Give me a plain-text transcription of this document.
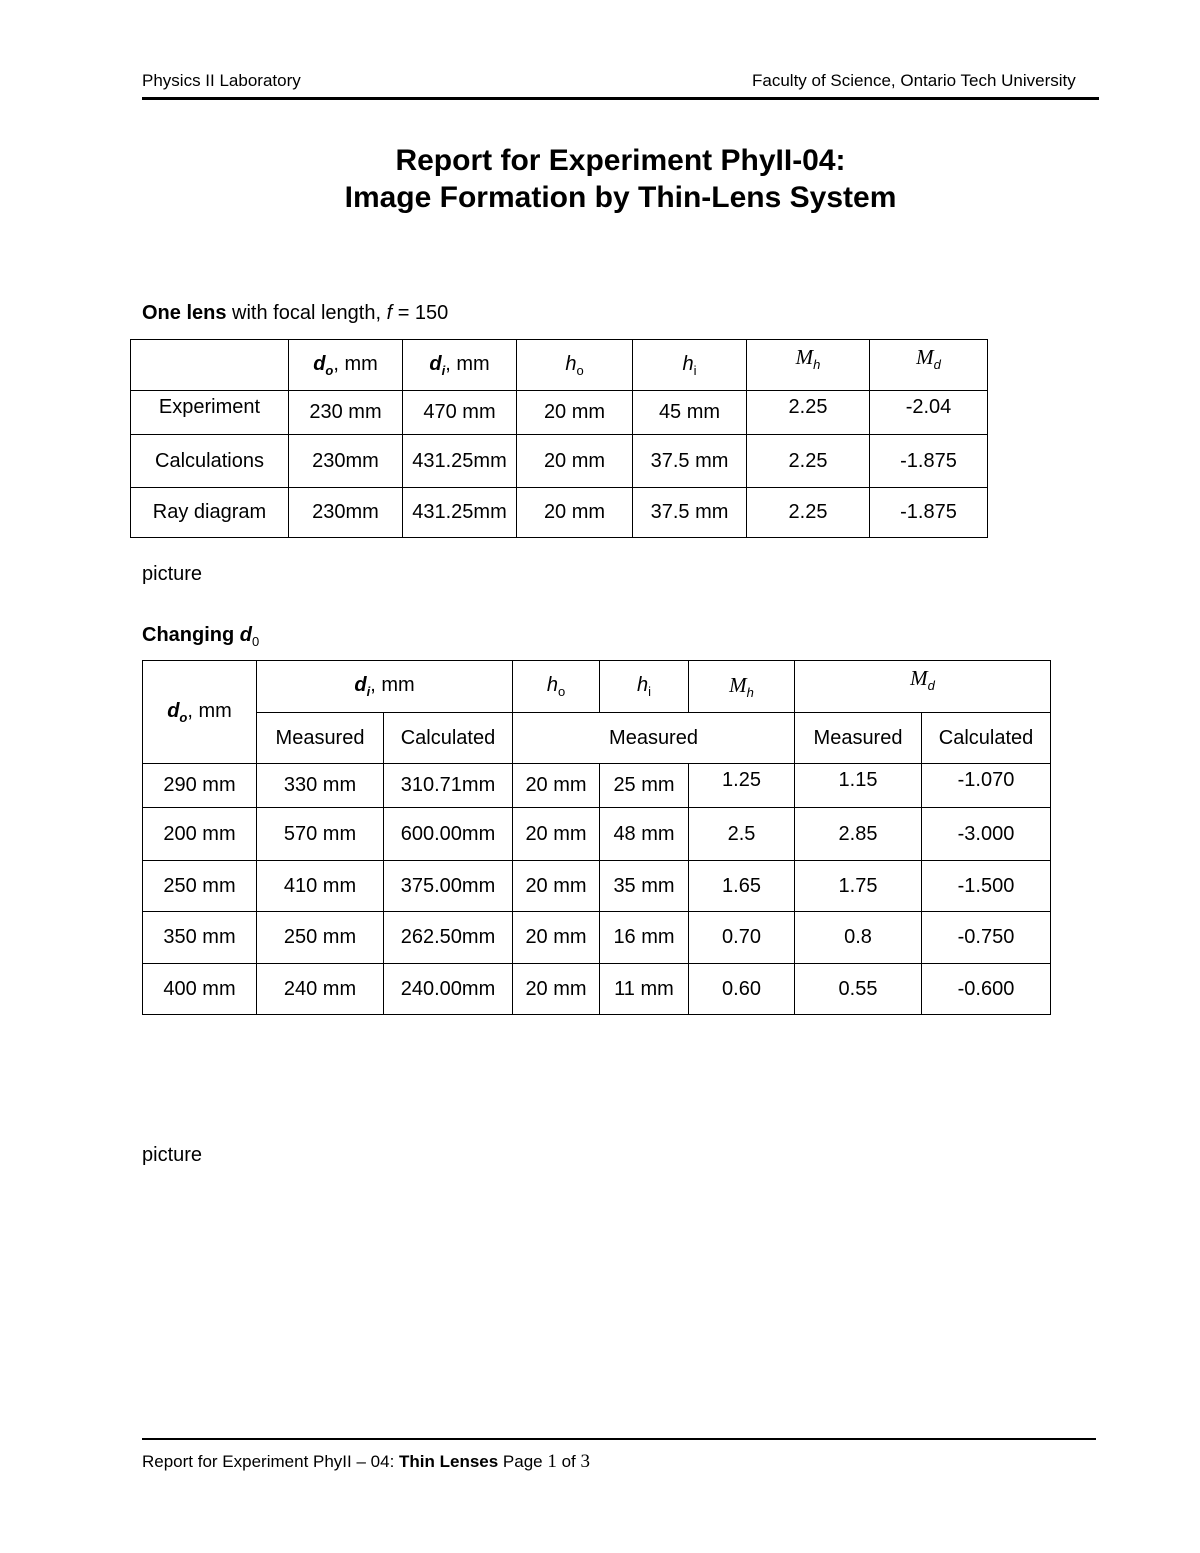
Physics II Laboratory	Faculty of Science, Ontario Tech University
Report for Experiment PhyII-04:
Image Formation by Thin-Lens System
One lens with focal length, f = 150
	$d_o$, mm	$d_i$, mm	$h_o$	$h_i$	$M_h$	$M_d$
Experiment	230 mm	470 mm	20 mm	45 mm	2.25	-2.04
Calculations	230mm	431.25mm	20 mm	37.5 mm	2.25	-1.875
Ray diagram	230mm	431.25mm	20 mm	37.5 mm	2.25	-1.875
picture
Changing $d_0$
$d_o$, mm	$d_i$, mm		$h_o$	$h_i$	$M_h$	$M_d$
	Measured	Calculated	Measured			Measured	Calculated
290 mm	330 mm	310.71mm	20 mm	25 mm	1.25	1.15	-1.070
200 mm	570 mm	600.00mm	20 mm	48 mm	2.5	2.85	-3.000
250 mm	410 mm	375.00mm	20 mm	35 mm	1.65	1.75	-1.500
350 mm	250 mm	262.50mm	20 mm	16 mm	0.70	0.8	-0.750
400 mm	240 mm	240.00mm	20 mm	11 mm	0.60	0.55	-0.600
picture
Report for Experiment PhyII – 04: Thin Lenses Page 1 of 3
